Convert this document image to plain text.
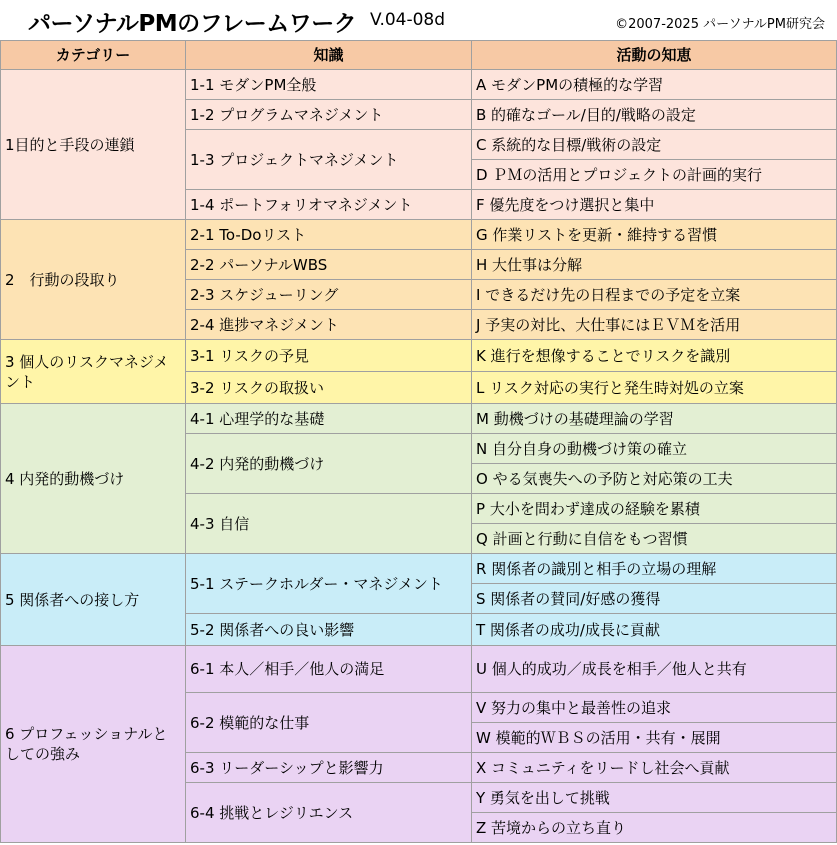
パーソナルPMのフレームワーク V.04-08d	©2007-2025 パーソナルPM研究会
カテゴリー	知識	活動の知恵
1目的と手段の連鎖	1-1 モダンPM全般	A モダンPMの積極的な学習
	1-2 プログラムマネジメント	B 的確なゴール/目的/戦略の設定
	1-3 プロジェクトマネジメント	C 系統的な目標/戦術の設定
		D ＰＭの活用とプロジェクトの計画的実行
	1-4 ポートフォリオマネジメント	F 優先度をつけ選択と集中
2　行動の段取り	2-1 To-Doリスト	G 作業リストを更新・維持する習慣
	2-2 パーソナルWBS	H 大仕事は分解
	2-3 スケジューリング	I できるだけ先の日程までの予定を立案
	2-4 進捗マネジメント	J 予実の対比、大仕事にはＥＶＭを活用
3 個人のリスクマネジメント	3-1 リスクの予見	K 進行を想像することでリスクを識別
	3-2 リスクの取扱い	L リスク対応の実行と発生時対処の立案
4 内発的動機づけ	4-1 心理学的な基礎	M 動機づけの基礎理論の学習
	4-2 内発的動機づけ	N 自分自身の動機づけ策の確立
		O やる気喪失への予防と対応策の工夫
	4-3 自信	P 大小を問わず達成の経験を累積
		Q 計画と行動に自信をもつ習慣
5 関係者への接し方	5-1 ステークホルダー・マネジメント	R 関係者の識別と相手の立場の理解
		S 関係者の賛同/好感の獲得
	5-2 関係者への良い影響	T 関係者の成功/成長に貢献
6 プロフェッショナルとしての強み	6-1 本人／相手／他人の満足	U 個人的成功／成長を相手／他人と共有
	6-2 模範的な仕事	V 努力の集中と最善性の追求
		W 模範的ＷＢＳの活用・共有・展開
	6-3 リーダーシップと影響力	X コミュニティをリードし社会へ貢献
	6-4 挑戦とレジリエンス	Y 勇気を出して挑戦
		Z 苦境からの立ち直り
